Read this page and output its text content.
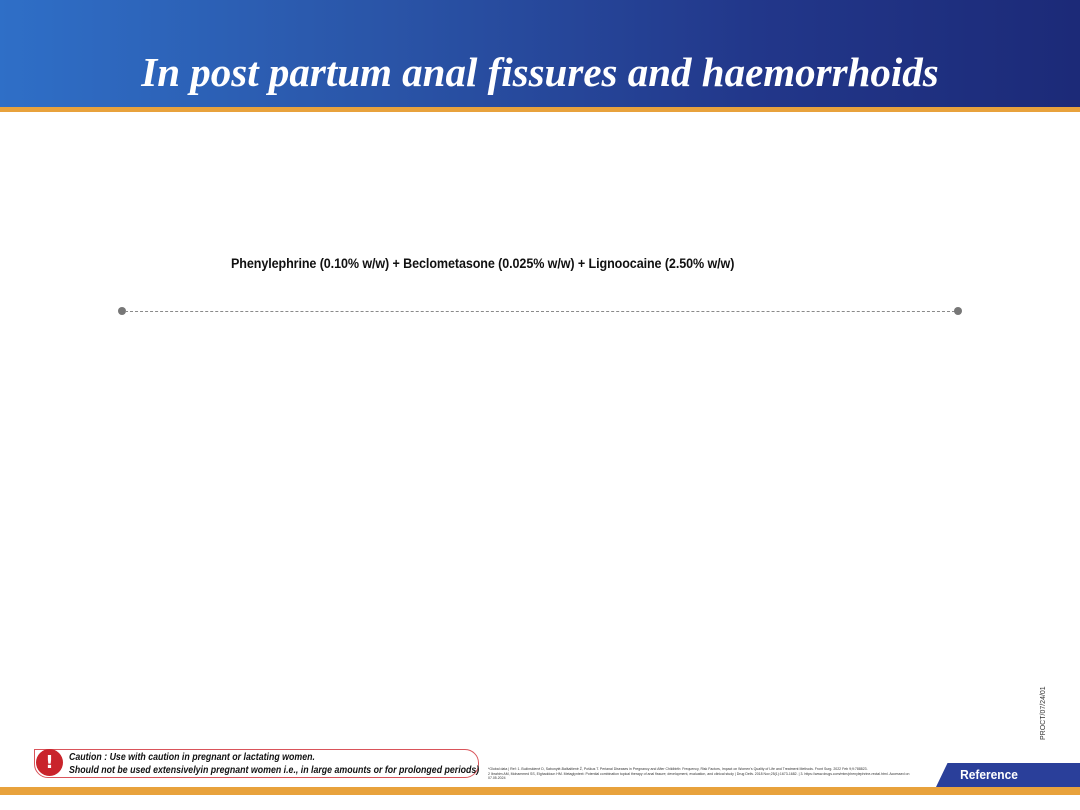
In post partum anal fissures and haemorrhoids
Phenylephrine (0.10% w/w) + Beclometasone (0.025% w/w) + Lignoocaine (2.50% w/w)
PROCT/07/24/01
!	Caution : Use with caution in pregnant or lactating women.
Should not be used extensivelyin pregnant women i.e., in large amounts or for prolonged periods)	*Global data | Ref: 1. Bužinskienė D, Sabonytė-Balšaitienė Ž, Poškus T. Perianal Diseases in Pregnancy and After Childbirth: Frequency, Risk Factors, Impact on Women's Quality of Life and Treatment Methods. Front Surg. 2022 Feb 9;9:788823.
2 Ibrahim AM, Mohammed SS, Elghaddoun HM. Metaglyntext: Potential combination topical therapy of anal fissure; development, evaluation, and clinical study | Drug Deliv. 2018 Nov;25(1):1673-1682. | 3. https://www.drugs.com/mtm/phenylephrine-rectal.html. Accessed on 07.05.2024	Reference
